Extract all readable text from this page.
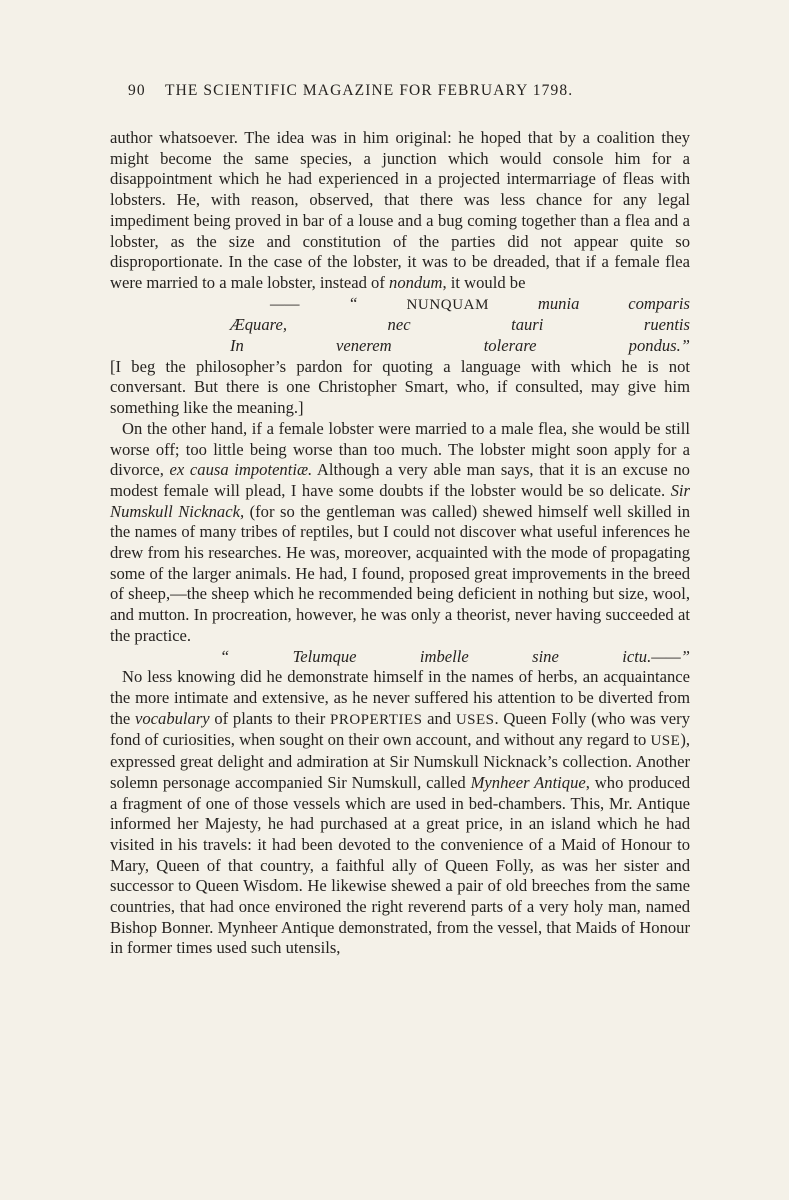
90 THE SCIENTIFIC MAGAZINE FOR FEBRUARY 1798.

author whatsoever. The idea was in him original: he hoped that by a coalition they might become the same species, a junction which would console him for a disappointment which he had experienced in a projected intermarriage of fleas with lobsters. He, with reason, observed, that there was less chance for any legal impediment being proved in bar of a louse and a bug coming together than a flea and a lobster, as the size and constitution of the parties did not appear quite so disproportionate. In the case of the lobster, it was to be dreaded, that if a female flea were married to a male lobster, instead of nondum, it would be

—— “ NUNQUAM munia comparis

Æquare, nec tauri ruentis

In venerem tolerare pondus.”

[I beg the philosopher’s pardon for quoting a language with which he is not conversant. But there is one Christopher Smart, who, if consulted, may give him something like the meaning.]

On the other hand, if a female lobster were married to a male flea, she would be still worse off; too little being worse than too much. The lobster might soon apply for a divorce, ex causa impotentiæ. Although a very able man says, that it is an excuse no modest female will plead, I have some doubts if the lobster would be so delicate. Sir Numskull Nicknack, (for so the gentleman was called) shewed himself well skilled in the names of many tribes of reptiles, but I could not discover what useful inferences he drew from his researches. He was, moreover, acquainted with the mode of propagating some of the larger animals. He had, I found, proposed great improvements in the breed of sheep,—the sheep which he recommended being deficient in nothing but size, wool, and mutton. In procreation, however, he was only a theorist, never having succeeded at the practice.

“ Telumque imbelle sine ictu.——”

No less knowing did he demonstrate himself in the names of herbs, an acquaintance the more intimate and extensive, as he never suffered his attention to be diverted from the vocabulary of plants to their PROPERTIES and USES. Queen Folly (who was very fond of curiosities, when sought on their own account, and without any regard to USE), expressed great delight and admiration at Sir Numskull Nicknack’s collection. Another solemn personage accompanied Sir Numskull, called Mynheer Antique, who produced a fragment of one of those vessels which are used in bed-chambers. This, Mr. Antique informed her Majesty, he had purchased at a great price, in an island which he had visited in his travels: it had been devoted to the convenience of a Maid of Honour to Mary, Queen of that country, a faithful ally of Queen Folly, as was her sister and successor to Queen Wisdom. He likewise shewed a pair of old breeches from the same countries, that had once environed the right reverend parts of a very holy man, named Bishop Bonner. Mynheer Antique demonstrated, from the vessel, that Maids of Honour in former times used such utensils,
